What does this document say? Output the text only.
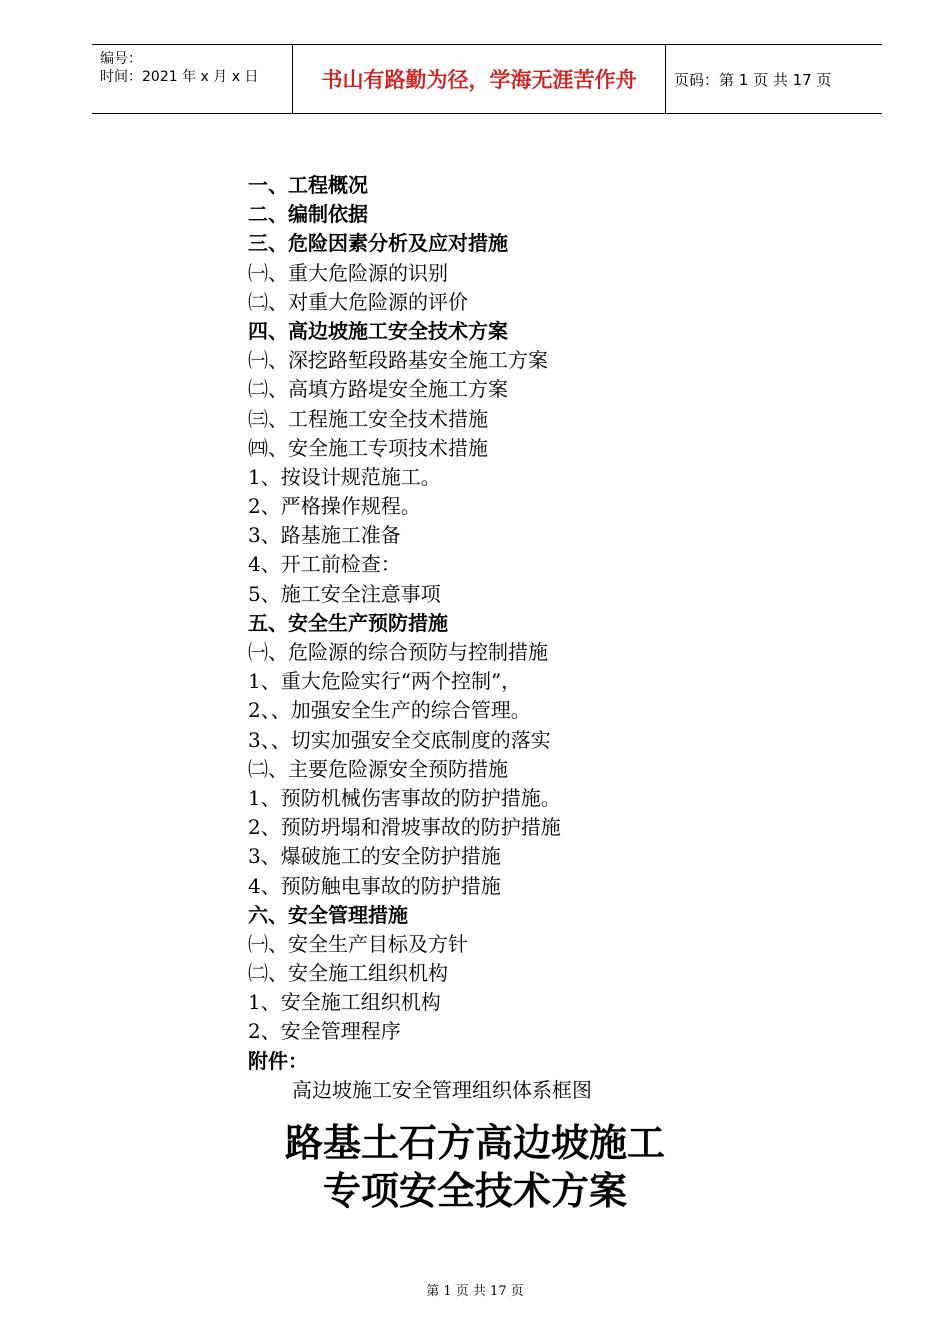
编号：
时间：2021 年 x 月 x 日	书山有路勤为径，学海无涯苦作舟	页码：第 1 页 共 17 页
一、工程概况
二、编制依据
三、危险因素分析及应对措施
㈠、重大危险源的识别
㈡、对重大危险源的评价
四、高边坡施工安全技术方案
㈠、深挖路堑段路基安全施工方案
㈡、高填方路堤安全施工方案
㈢、工程施工安全技术措施
㈣、安全施工专项技术措施
1、按设计规范施工。
2、严格操作规程。
3、路基施工准备
4、开工前检查：
5、施工安全注意事项
五、安全生产预防措施
㈠、危险源的综合预防与控制措施
1、重大危险实行“两个控制”，
2、、加强安全生产的综合管理。
3、、切实加强安全交底制度的落实
㈡、主要危险源安全预防措施
1、预防机械伤害事故的防护措施。
2、预防坍塌和滑坡事故的防护措施
3、爆破施工的安全防护措施
4、预防触电事故的防护措施
六、安全管理措施
㈠、安全生产目标及方针
㈡、安全施工组织机构
1、安全施工组织机构
2、安全管理程序
附件：
高边坡施工安全管理组织体系框图
路基土石方高边坡施工
专项安全技术方案
第 1 页 共 17 页
